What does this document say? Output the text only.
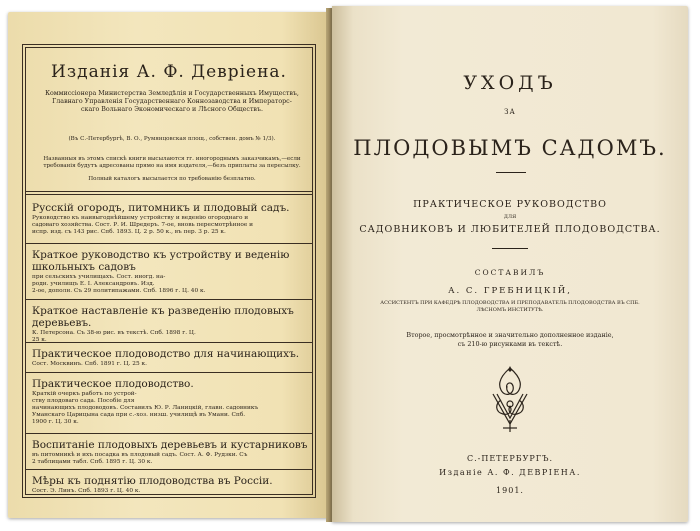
Изданія А. Ф. Девріена.
Коммиссіонера Министерства Земледѣлія и Государственныхъ Имуществъ,
Главнаго Управленія Государственнаго Коннозаводства и Императорс-
скаго Вольнаго Экономическаго и Лѣсного Обществъ.
(Въ С.-Петербургѣ, В. О., Румянцовская площ., собствен. домъ № 1/3).
Названныя въ этомъ спискѣ книги высылаются гг. иногороднымъ заказчикамъ,—если
требованія будутъ адресованы прямо на имя издателя,—безъ приплаты за пересылку.
Полный каталогъ высылается по требованію безплатно.
Русскій огородъ, питомникъ и плодовый садъ.
Руководство къ наивыгоднѣйшему устройству и веденію огороднаго и
садоваго хозяйства. Сост. Р. И. Шредеръ. 7-ое, вновь пересмотрѣнное и
испр. изд. съ 143 рис. Спб. 1893. Ц. 2 р. 50 к., въ пер. 3 р. 25 к.
Краткое руководство къ устройству и веденію школьныхъ садовъ
при сельскихъ училищахъ. Сост. иногд. на-
родн. училищъ Е. І. Александровъ. Изд.
2-ое, дополн. Съ 29 политипажами. Спб. 1896 г. Ц. 40 к.
Краткое наставленіе къ разведенію плодовыхъ деревьевъ.
К. Петерсона. Съ 38-ю рис. въ текстѣ. Спб. 1898 г. Ц.
25 к.
Практическое плодоводство для начинающихъ.
Сост. Москвинъ. Спб. 1891 г. Ц. 25 к.
Практическое плодоводство.
Краткій очеркъ работъ по устрой-
ству плодоваго сада. Пособіе для
начинающихъ плодоводовъ. Составилъ Ю. Р. Ланицкій, главн. садовникъ
Уманскаго Царицына сада при с.-хоз. низш. училищѣ въ Умани. Спб.
1900 г. Ц. 30 к.
Воспитаніе плодовыхъ деревьевъ и кустарниковъ
въ питомникѣ и ихъ посадка въ плодовый садъ. Сост. А. Ф. Рудзки. Съ
2 таблицами табл. Спб. 1895 г. Ц. 30 к.
Мѣры къ поднятію плодоводства въ Россіи.
Сост. Э. Линъ. Спб. 1893 г. Ц. 40 к.
УХОДЪ
ЗА
ПЛОДОВЫМЪ САДОМЪ.
ПРАКТИЧЕСКОЕ РУКОВОДСТВО
ДЛЯ
САДОВНИКОВЪ И ЛЮБИТЕЛЕЙ ПЛОДОВОДСТВА.
СОСТАВИЛЪ
А. С. ГРЕБНИЦКІЙ,
АССИСТЕНТЪ ПРИ КАФЕДРѢ ПЛОДОВОДСТВА И ПРЕПОДАВАТЕЛЬ ПЛОДОВОДСТВА ВЪ СПБ.
ЛѢСНОМЪ ИНСТИТУТѢ.
Второе, просмотрѣнное и значительно дополненное изданіе,
съ 210-ю рисунками въ текстѣ.
С.-ПЕТЕРБУРГЪ.
Изданіе А. Ф. ДЕВРІЕНА.
1901.
